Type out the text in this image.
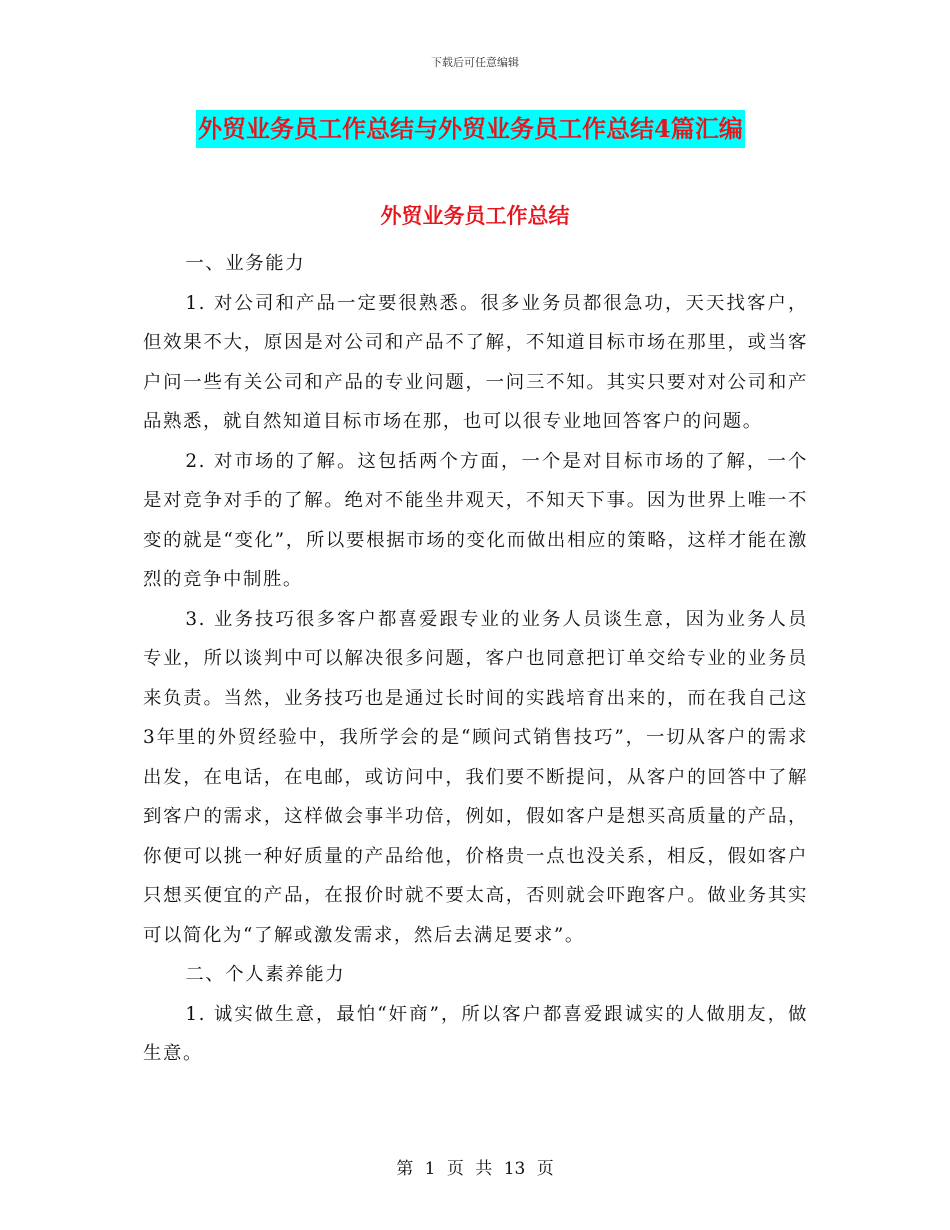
下载后可任意编辑
外贸业务员工作总结与外贸业务员工作总结4篇汇编
外贸业务员工作总结

一、业务能力

1. 对公司和产品一定要很熟悉。很多业务员都很急功，天天找客户，但效果不大，原因是对公司和产品不了解，不知道目标市场在那里，或当客户问一些有关公司和产品的专业问题，一问三不知。其实只要对对公司和产品熟悉，就自然知道目标市场在那，也可以很专业地回答客户的问题。

2. 对市场的了解。这包括两个方面，一个是对目标市场的了解，一个是对竞争对手的了解。绝对不能坐井观天，不知天下事。因为世界上唯一不变的就是“变化”，所以要根据市场的变化而做出相应的策略，这样才能在激烈的竞争中制胜。

3. 业务技巧很多客户都喜爱跟专业的业务人员谈生意，因为业务人员专业，所以谈判中可以解决很多问题，客户也同意把订单交给专业的业务员来负责。当然，业务技巧也是通过长时间的实践培育出来的，而在我自己这3年里的外贸经验中，我所学会的是“顾问式销售技巧”，一切从客户的需求出发，在电话，在电邮，或访问中，我们要不断提问，从客户的回答中了解到客户的需求，这样做会事半功倍，例如，假如客户是想买高质量的产品，你便可以挑一种好质量的产品给他，价格贵一点也没关系，相反，假如客户只想买便宜的产品，在报价时就不要太高，否则就会吓跑客户。做业务其实可以简化为“了解或激发需求，然后去满足要求”。

二、个人素养能力

1. 诚实做生意，最怕“奸商”，所以客户都喜爱跟诚实的人做朋友，做生意。

第 1 页 共 13 页
